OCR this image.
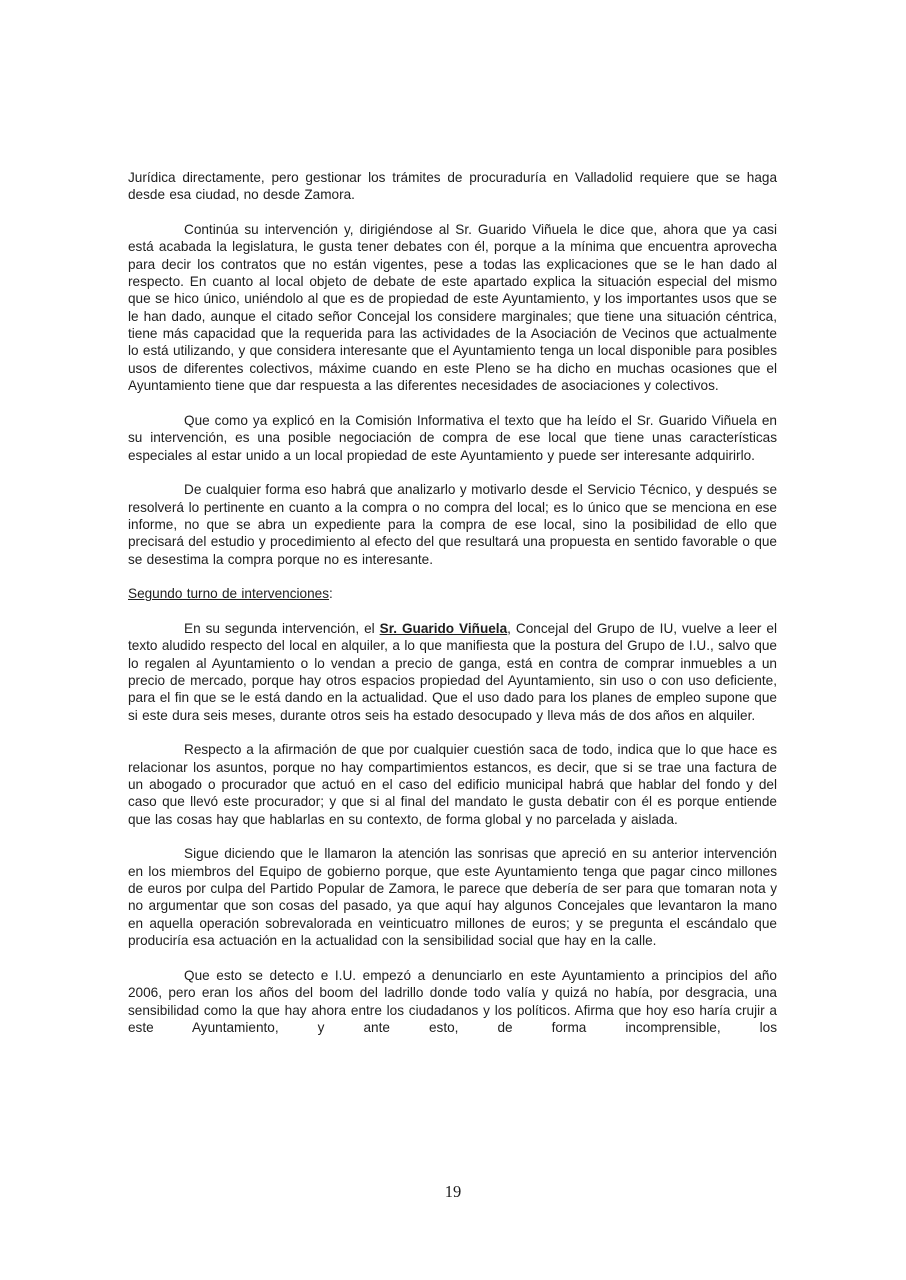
Jurídica directamente, pero gestionar los trámites de procuraduría en Valladolid requiere que se haga desde esa ciudad, no desde Zamora.

Continúa su intervención y, dirigiéndose al Sr. Guarido Viñuela le dice que, ahora que ya casi está acabada la legislatura, le gusta tener debates con él, porque a la mínima que encuentra aprovecha para decir los contratos que no están vigentes, pese a todas las explicaciones que se le han dado al respecto. En cuanto al local objeto de debate de este apartado explica la situación especial del mismo que se hico único, uniéndolo al que es de propiedad de este Ayuntamiento, y los importantes usos que se le han dado, aunque el citado señor Concejal los considere marginales; que tiene una situación céntrica, tiene más capacidad que la requerida para las actividades de la Asociación de Vecinos que actualmente lo está utilizando, y que considera interesante que el Ayuntamiento tenga un local disponible para posibles usos de diferentes colectivos, máxime cuando en este Pleno se ha dicho en muchas ocasiones que el Ayuntamiento tiene que dar respuesta a las diferentes necesidades de asociaciones y colectivos.

Que como ya explicó en la Comisión Informativa el texto que ha leído el Sr. Guarido Viñuela en su intervención, es una posible negociación de compra de ese local que tiene unas características especiales al estar unido a un local propiedad de este Ayuntamiento y puede ser interesante adquirirlo.

De cualquier forma eso habrá que analizarlo y motivarlo desde el Servicio Técnico, y después se resolverá lo pertinente en cuanto a la compra o no compra del local; es lo único que se menciona en ese informe, no que se abra un expediente para la compra de ese local, sino la posibilidad de ello que precisará del estudio y procedimiento al efecto del que resultará una propuesta en sentido favorable o que se desestima la compra porque no es interesante.

Segundo turno de intervenciones:

En su segunda intervención, el Sr. Guarido Viñuela, Concejal del Grupo de IU, vuelve a leer el texto aludido respecto del local en alquiler, a lo que manifiesta que la postura del Grupo de I.U., salvo que lo regalen al Ayuntamiento o lo vendan a precio de ganga, está en contra de comprar inmuebles a un precio de mercado, porque hay otros espacios propiedad del Ayuntamiento, sin uso o con uso deficiente, para el fin que se le está dando en la actualidad. Que el uso dado para los planes de empleo supone que si este dura seis meses, durante otros seis ha estado desocupado y lleva más de dos años en alquiler.

Respecto a la afirmación de que por cualquier cuestión saca de todo, indica que lo que hace es relacionar los asuntos, porque no hay compartimientos estancos, es decir, que si se trae una factura de un abogado o procurador que actuó en el caso del edificio municipal habrá que hablar del fondo y del caso que llevó este procurador; y que si al final del mandato le gusta debatir con él es porque entiende que las cosas hay que hablarlas en su contexto, de forma global y no parcelada y aislada.

Sigue diciendo que le llamaron la atención las sonrisas que apreció en su anterior intervención en los miembros del Equipo de gobierno porque, que este Ayuntamiento tenga que pagar cinco millones de euros por culpa del Partido Popular de Zamora, le parece que debería de ser para que tomaran nota y no argumentar que son cosas del pasado, ya que aquí hay algunos Concejales que levantaron la mano en aquella operación sobrevalorada en veinticuatro millones de euros; y se pregunta el escándalo que produciría esa actuación en la actualidad con la sensibilidad social que hay en la calle.

Que esto se detecto e I.U. empezó a denunciarlo en este Ayuntamiento a principios del año 2006, pero eran los años del boom del ladrillo donde todo valía y quizá no había, por desgracia, una sensibilidad como la que hay ahora entre los ciudadanos y los políticos. Afirma que hoy eso haría crujir a este Ayuntamiento, y ante esto, de forma incomprensible, los

19
